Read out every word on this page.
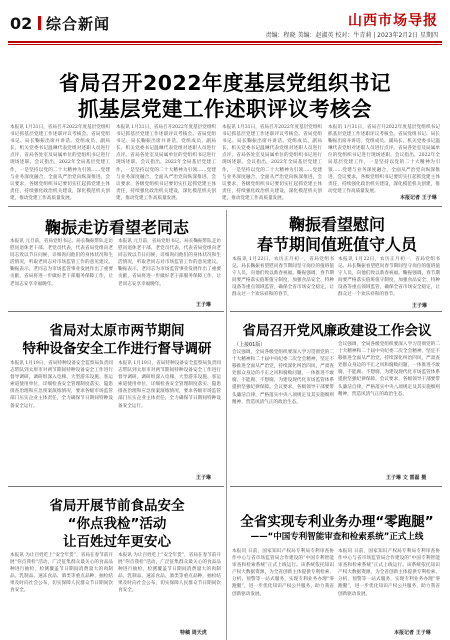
02 综合新闻	山西市场导报
责编：程晓 美编：赵淑英 校对：牛青莉 | 2023年2月2日 星期四
省局召开2022年度基层党组织书记
抓基层党建工作述职评议考核会

本报讯 1月31日，省局召开2022年度基层党组织书记抓基层党建工作述职评议考核会。省局党组书记、局长鞠振出席并讲话。党组成员、副局长、机关党委书记温琳代表党组对述职人员进行点评。省局各处室及局属单位的党组织书记进行现场述职。会议指出，2022年全局基层党建工作，一是坚持以党的二十大精神为引领……党建与业务深度融合，全面从严治党向纵深推进。会议要求，各级党组织书记要切实扛起抓党建主体责任，持续强化政治机关建设，深化模范机关创建，推动党建工作高质量发展。

本报讯 1月31日，省局召开2022年度基层党组织书记抓基层党建工作述职评议考核会。省局党组书记、局长鞠振出席并讲话。党组成员、副局长、机关党委书记温琳代表党组对述职人员进行点评。省局各处室及局属单位的党组织书记进行现场述职。会议指出，2022年全局基层党建工作，一是坚持以党的二十大精神为引领……党建与业务深度融合，全面从严治党向纵深推进。会议要求，各级党组织书记要切实扛起抓党建主体责任，持续强化政治机关建设，深化模范机关创建，推动党建工作高质量发展。

本报讯 1月31日，省局召开2022年度基层党组织书记抓基层党建工作述职评议考核会。省局党组书记、局长鞠振出席并讲话。党组成员、副局长、机关党委书记温琳代表党组对述职人员进行点评。省局各处室及局属单位的党组织书记进行现场述职。会议指出，2022年全局基层党建工作，一是坚持以党的二十大精神为引领……党建与业务深度融合，全面从严治党向纵深推进。会议要求，各级党组织书记要切实扛起抓党建主体责任，持续强化政治机关建设，深化模范机关创建，推动党建工作高质量发展。

本报讯 1月31日，省局召开2022年度基层党组织书记抓基层党建工作述职评议考核会。省局党组书记、局长鞠振出席并讲话。党组成员、副局长、机关党委书记温琳代表党组对述职人员进行点评。省局各处室及局属单位的党组织书记进行现场述职。会议指出，2022年全局基层党建工作，一是坚持以党的二十大精神为引领……党建与业务深度融合，全面从严治党向纵深推进。会议要求，各级党组织书记要切实扛起抓党建主体责任，持续强化政治机关建设，深化模范机关创建，推动党建工作高质量发展。

本报记者 王子琳
鞠振走访看望老同志

本报讯 元旦前，省局党组书记、局长鞠振带队走访慰问退休老干部、老党员代表，代表省局党组向老同志致以节日问候，详细询问他们的身体状况和生活情况，听取老同志对市场监管工作的意见建议。鞠振表示，老同志为市场监管事业发展作出了重要贡献，省局将进一步做好老干部服务保障工作，让老同志安享幸福晚年。

本报讯 元旦前，省局党组书记、局长鞠振带队走访慰问退休老干部、老党员代表，代表省局党组向老同志致以节日问候，详细询问他们的身体状况和生活情况，听取老同志对市场监管工作的意见建议。鞠振表示，老同志为市场监管事业发展作出了重要贡献，省局将进一步做好老干部服务保障工作，让老同志安享幸福晚年。

王子琳
鞠振看望慰问
春节期间值班值守人员

本报讯 1月22日，农历正月初一，省局党组书记、局长鞠振看望慰问春节期间坚守岗位的值班值守人员，向他们致以新春祝福。鞠振强调，春节期间要严格落实值班值守制度，加强食品安全、特种设备等重点领域监管，确保全省市场安全稳定，让群众过一个欢乐祥和的春节。

本报讯 1月22日，农历正月初一，省局党组书记、局长鞠振看望慰问春节期间坚守岗位的值班值守人员，向他们致以新春祝福。鞠振强调，春节期间要严格落实值班值守制度，加强食品安全、特种设备等重点领域监管，确保全省市场安全稳定，让群众过一个欢乐祥和的春节。

王子琳
省局对太原市两节期间
特种设备安全工作进行督导调研

本报讯 1月19日，省局特种设备安全监察局负责同志带队到太原市对两节期间特种设备安全工作进行督导调研。调研组深入电梯、大型游乐设施、客运索道使用单位，详细检查安全管理制度落实、隐患排查治理和应急预案演练情况，要求各级市场监管部门压实企业主体责任，全力确保节日期间特种设备安全运行。

本报讯 1月19日，省局特种设备安全监察局负责同志带队到太原市对两节期间特种设备安全工作进行督导调研。调研组深入电梯、大型游乐设施、客运索道使用单位，详细检查安全管理制度落实、隐患排查治理和应急预案演练情况，要求各级市场监管部门压实企业主体责任，全力确保节日期间特种设备安全运行。

王子琳
省局召开党风廉政建设工作会议
（上接01版）

会议强调，全局各级党组织要深入学习贯彻党的二十大精神和二十届中央纪委二次全会精神，坚定不移推进全面从严治党，持续深化纠治四风，严肃查处群众身边的不正之风和腐败问题，一体推进不敢腐、不能腐、不想腐，为建设现代化市场监管体系提供坚强纪律保障。会议要求，各级领导干部要带头廉洁自律，严格落实中央八项规定及其实施细则精神，营造风清气正的政治生态。

会议强调，全局各级党组织要深入学习贯彻党的二十大精神和二十届中央纪委二次全会精神，坚定不移推进全面从严治党，持续深化纠治四风，严肃查处群众身边的不正之风和腐败问题，一体推进不敢腐、不能腐、不想腐，为建设现代化市场监管体系提供坚强纪律保障。会议要求，各级领导干部要带头廉洁自律，严格落实中央八项规定及其实施细则精神，营造风清气正的政治生态。

王子琳 文 雷磊 摄
省局开展节前食品安全
“你点我检”活动
让百姓过年更安心

本报讯 为让百姓吃上“安全年货”，省局在春节前开展“你点我检”活动，广泛征集群众最关心的食品品种进行抽检，检测覆盖节日期间消费量大的肉制品、乳制品、速冻食品、酒类等重点品种，抽检结果及时向社会公布，切实保障人民群众节日期间饮食安全。

本报讯 为让百姓吃上“安全年货”，省局在春节前开展“你点我检”活动，广泛征集群众最关心的食品品种进行抽检，检测覆盖节日期间消费量大的肉制品、乳制品、速冻食品、酒类等重点品种，抽检结果及时向社会公布，切实保障人民群众节日期间饮食安全。

特稿 周天虎
全省实现专利业务办理“零跑腿”
——“中国专利智能审查和检索系统”正式上线

本报讯 日前，国家知识产权局专利局专利审查协作中心与省市场监管局合作建设的“中国专利智能审查和检索系统”正式上线运行。该系统依托知识产权大数据资源，为全省创新主体提供专利检索、分析、预警等一站式服务，实现专利业务办理“零跑腿”，进一步优化知识产权公共服务，助力我省创新驱动发展。

本报讯 日前，国家知识产权局专利局专利审查协作中心与省市场监管局合作建设的“中国专利智能审查和检索系统”正式上线运行。该系统依托知识产权大数据资源，为全省创新主体提供专利检索、分析、预警等一站式服务，实现专利业务办理“零跑腿”，进一步优化知识产权公共服务，助力我省创新驱动发展。

本报记者 王子琳
